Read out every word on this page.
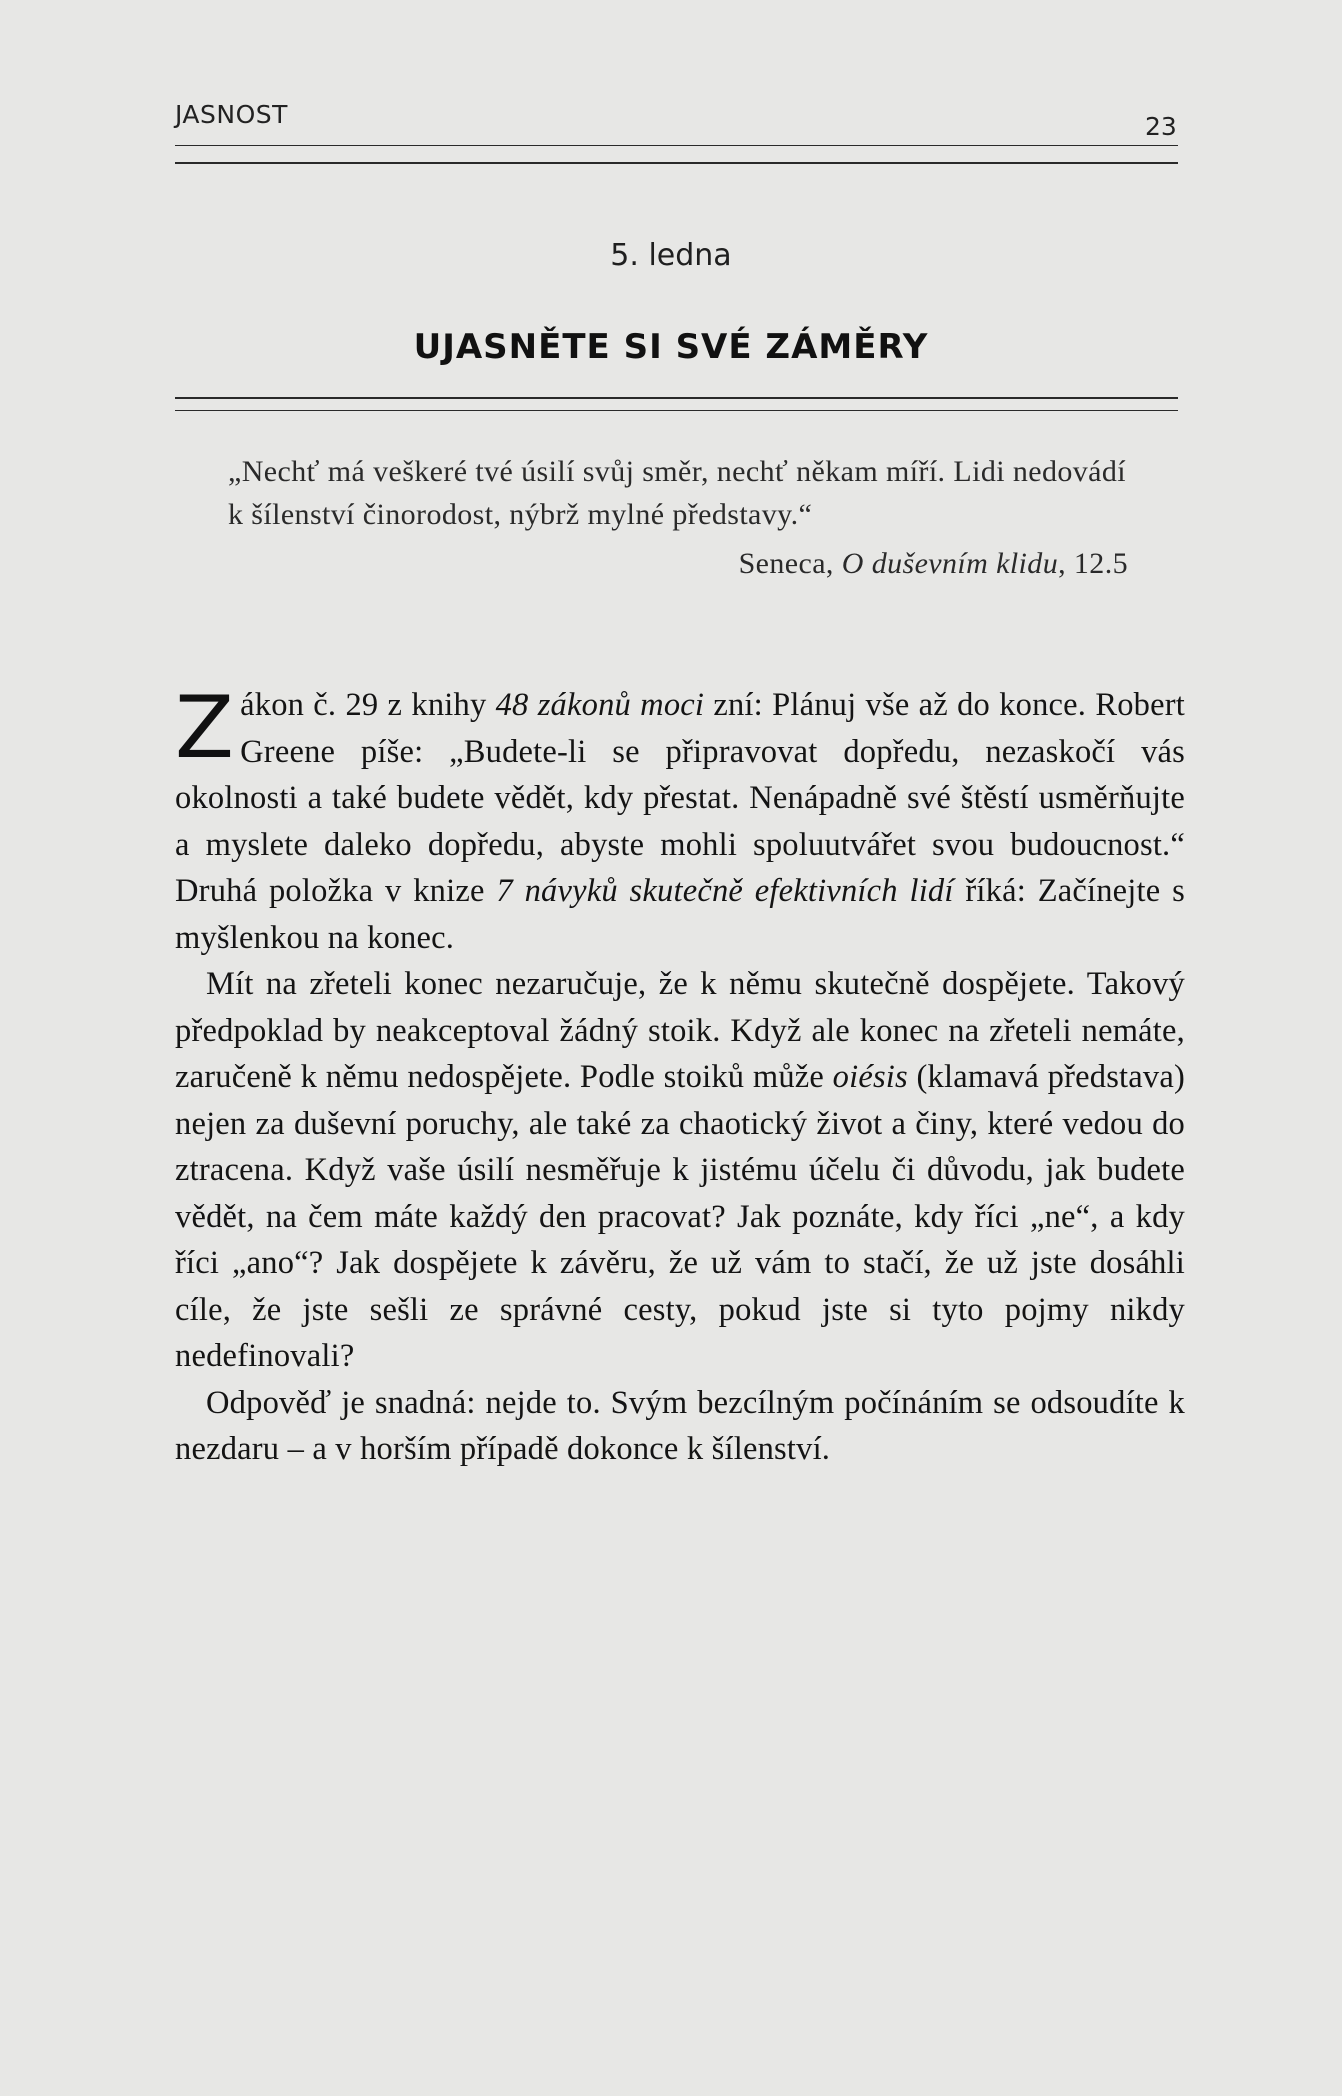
JASNOST	23
5. ledna
UJASNĚTE SI SVÉ ZÁMĚRY
„Nechť má veškeré tvé úsilí svůj směr, nechť někam míří. Lidi nedovádí k šílenství činorodost, nýbrž mylné představy.“
Seneca, O duševním klidu, 12.5

Zákon č. 29 z knihy 48 zákonů moci zní: Plánuj vše až do konce. Robert Greene píše: „Budete-li se připravovat dopředu, nezaskočí vás okolnosti a také budete vědět, kdy přestat. Nenápadně své štěstí usměrňujte a myslete daleko dopředu, abyste mohli spoluutvářet svou budoucnost.“ Druhá položka v knize 7 návyků skutečně efektivních lidí říká: Začínejte s myšlenkou na konec.

Mít na zřeteli konec nezaručuje, že k němu skutečně dospějete. Takový předpoklad by neakceptoval žádný stoik. Když ale konec na zřeteli nemáte, zaručeně k němu nedospějete. Podle stoiků může oiésis (klamavá představa) nejen za duševní poruchy, ale také za chaotický život a činy, které vedou do ztracena. Když vaše úsilí nesměřuje k jistému účelu či důvodu, jak budete vědět, na čem máte každý den pracovat? Jak poznáte, kdy říci „ne“, a kdy říci „ano“? Jak dospějete k závěru, že už vám to stačí, že už jste dosáhli cíle, že jste sešli ze správné cesty, pokud jste si tyto pojmy nikdy nedefinovali?

Odpověď je snadná: nejde to. Svým bezcílným počínáním se odsoudíte k nezdaru – a v horším případě dokonce k šílenství.
